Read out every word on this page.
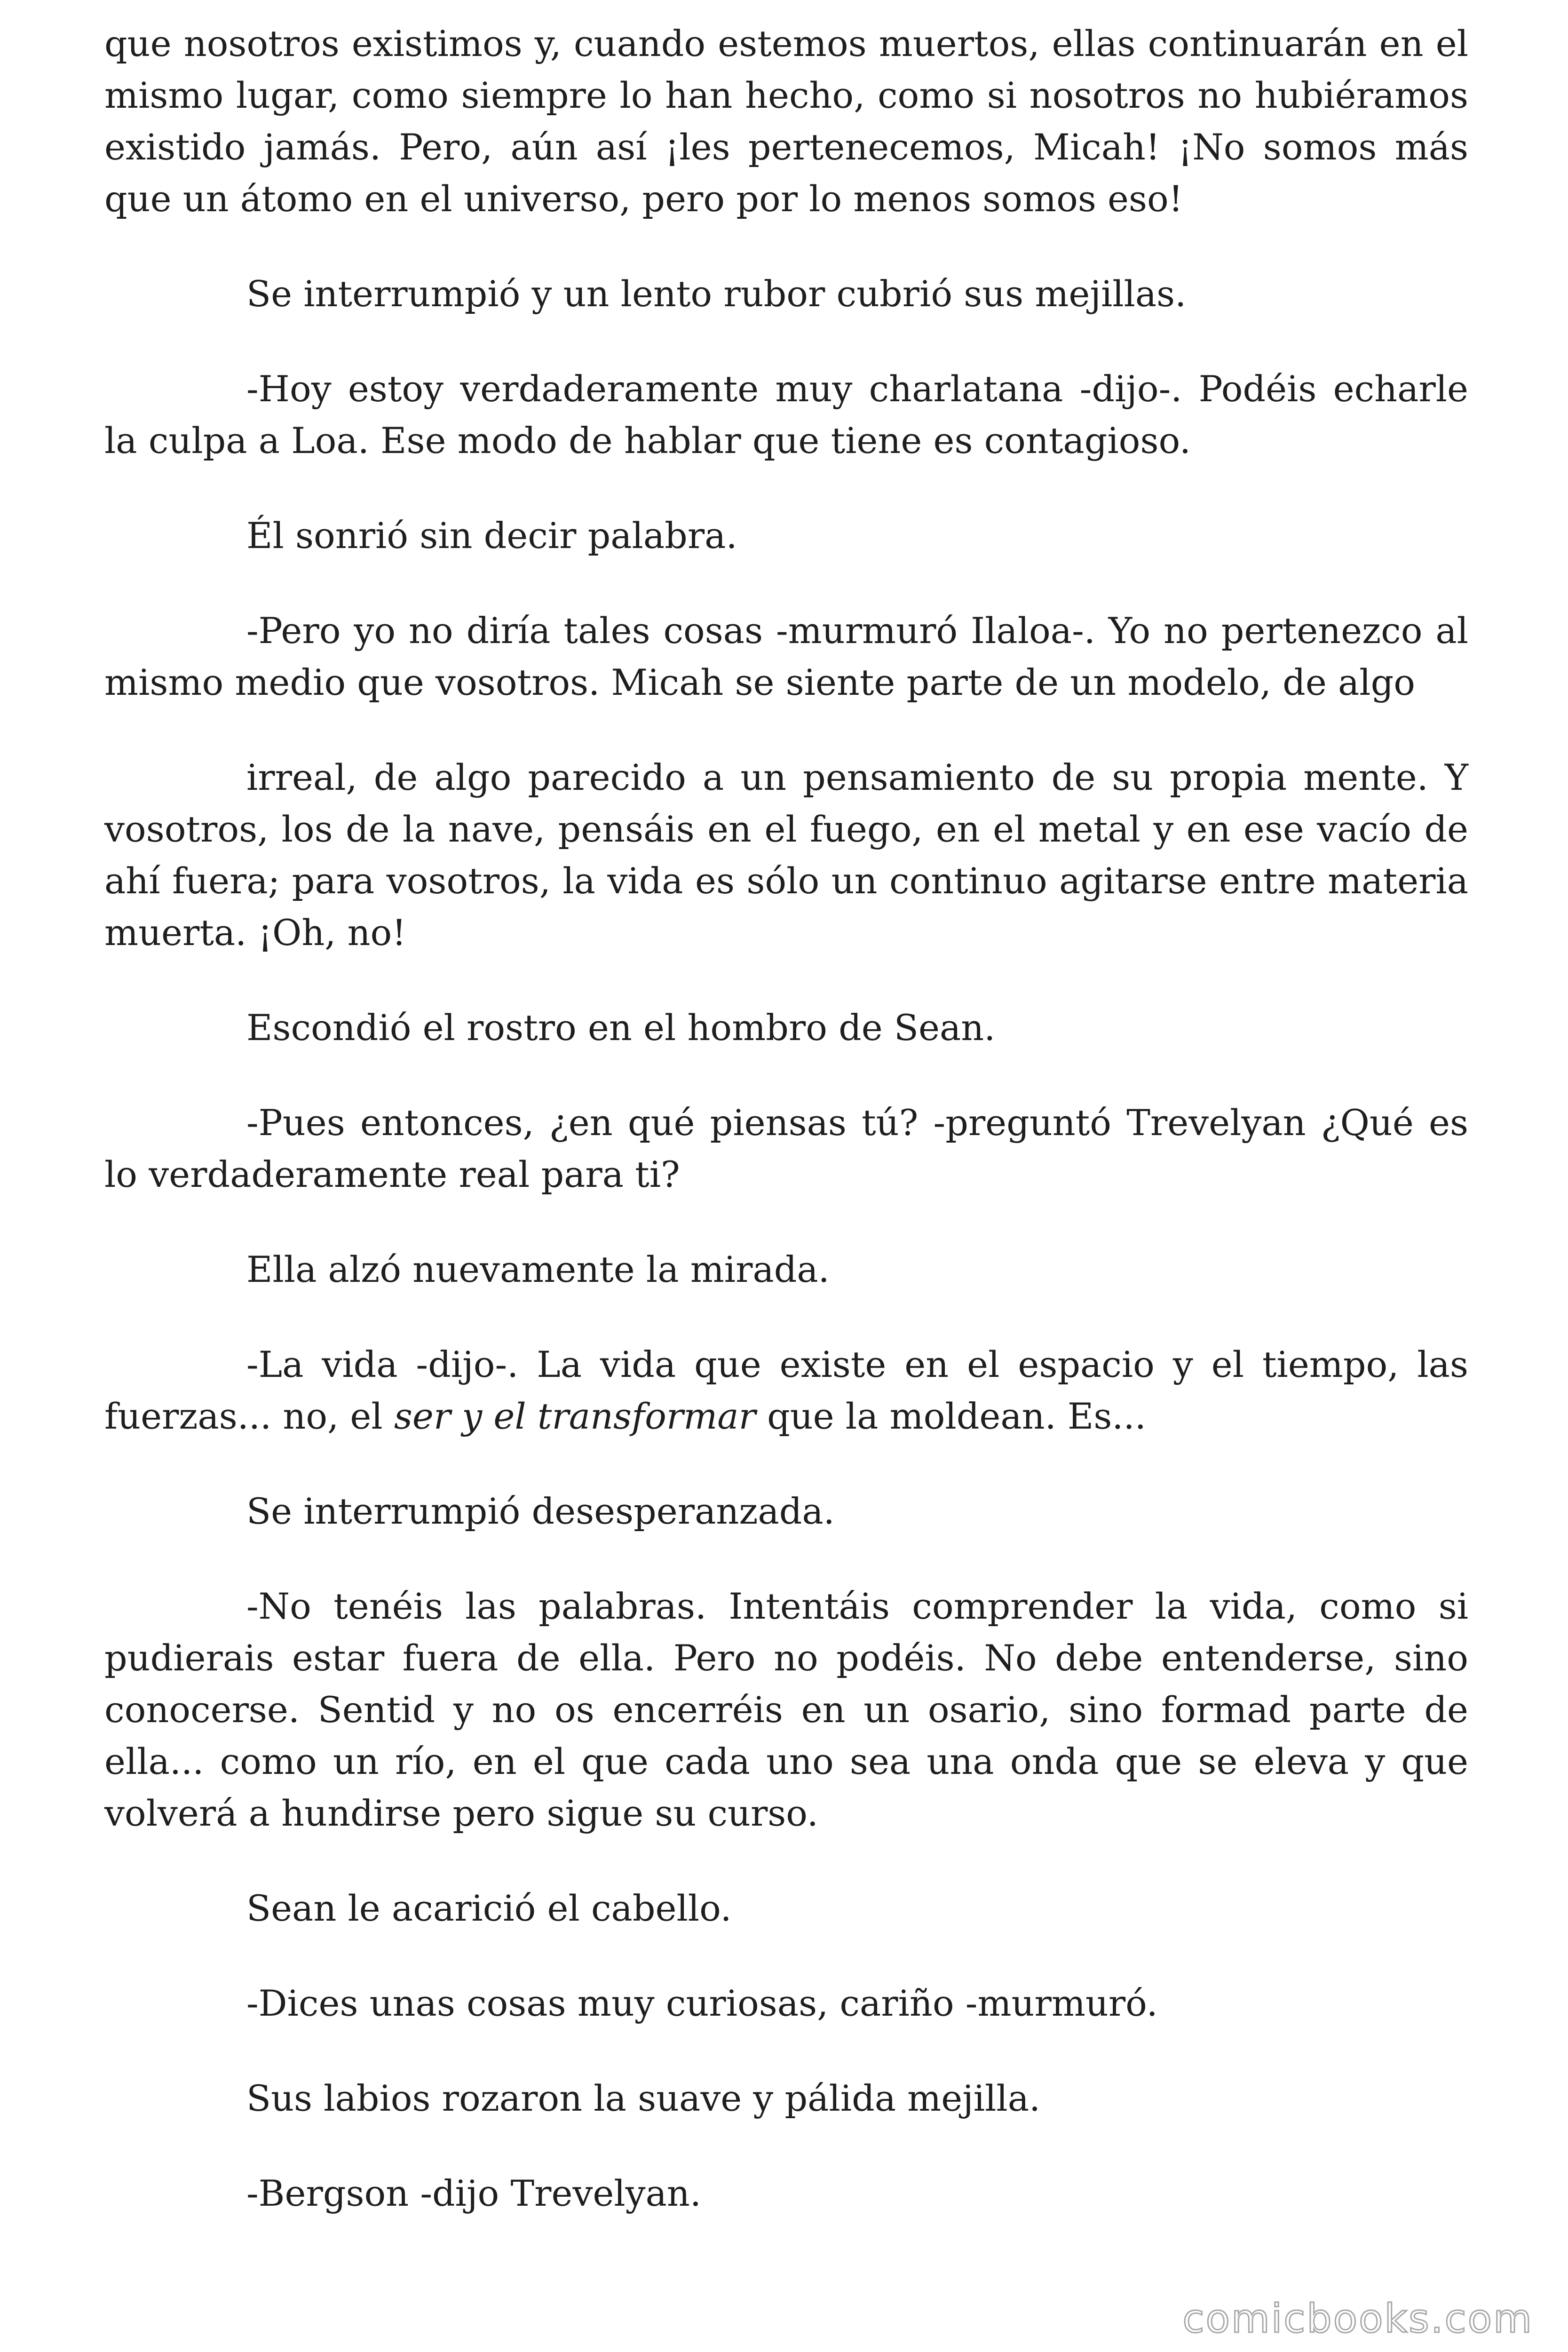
que nosotros existimos y, cuando estemos muertos, ellas continuarán en el mismo lugar, como siempre lo han hecho, como si nosotros no hubiéramos existido jamás. Pero, aún así ¡les pertenecemos, Micah! ¡No somos más que un átomo en el universo, pero por lo menos somos eso!

Se interrumpió y un lento rubor cubrió sus mejillas.

-Hoy estoy verdaderamente muy charlatana -dijo-. Podéis echarle la culpa a Loa. Ese modo de hablar que tiene es contagioso.

Él sonrió sin decir palabra.

-Pero yo no diría tales cosas -murmuró Ilaloa-. Yo no pertenezco al mismo medio que vosotros. Micah se siente parte de un modelo, de algo

irreal, de algo parecido a un pensamiento de su propia mente. Y vosotros, los de la nave, pensáis en el fuego, en el metal y en ese vacío de ahí fuera; para vosotros, la vida es sólo un continuo agitarse entre materia muerta. ¡Oh, no!

Escondió el rostro en el hombro de Sean.

-Pues entonces, ¿en qué piensas tú? -preguntó Trevelyan ¿Qué es lo verdaderamente real para ti?

Ella alzó nuevamente la mirada.

-La vida -dijo-. La vida que existe en el espacio y el tiempo, las fuerzas... no, el ser y el transformar que la moldean. Es...

Se interrumpió desesperanzada.

-No tenéis las palabras. Intentáis comprender la vida, como si pudierais estar fuera de ella. Pero no podéis. No debe entenderse, sino conocerse. Sentid y no os encerréis en un osario, sino formad parte de ella... como un río, en el que cada uno sea una onda que se eleva y que volverá a hundirse pero sigue su curso.

Sean le acarició el cabello.

-Dices unas cosas muy curiosas, cariño -murmuró.

Sus labios rozaron la suave y pálida mejilla.

-Bergson -dijo Trevelyan.

comicbooks.com
